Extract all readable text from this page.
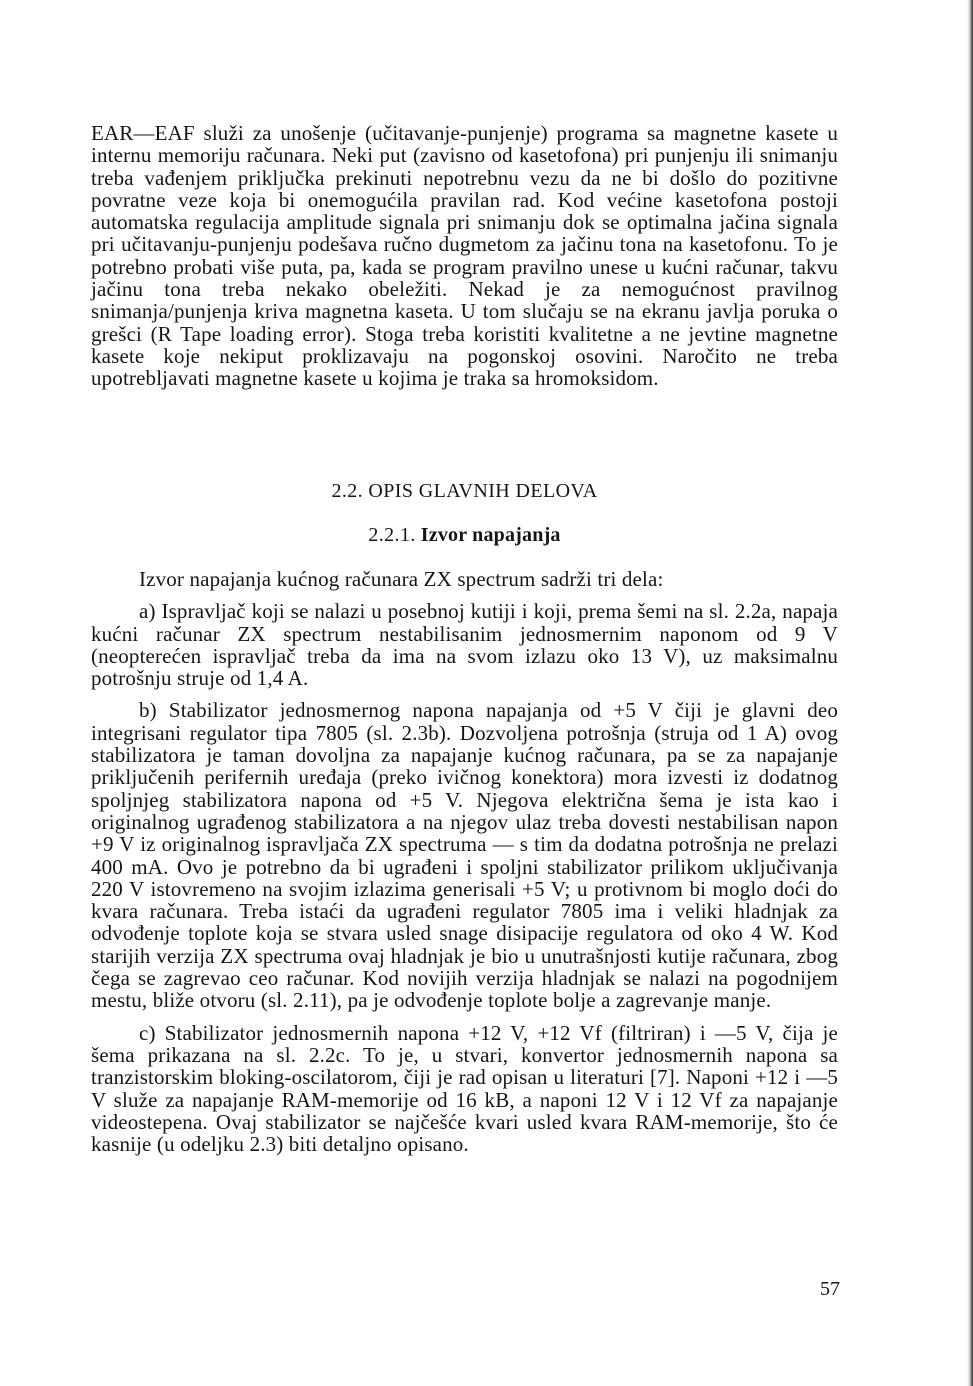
EAR—EAF služi za unošenje (učitavanje-punjenje) programa sa magnetne kasete u internu memoriju računara. Neki put (zavisno od kasetofona) pri punjenju ili snimanju treba vađenjem priključka prekinuti nepotrebnu vezu da ne bi došlo do pozitivne povratne veze koja bi onemogućila pravilan rad. Kod većine kasetofona postoji automatska regulacija amplitude signala pri snimanju dok se optimalna jačina signala pri učitavanju-punjenju podešava ručno dugmetom za jačinu tona na kasetofonu. To je potrebno probati više puta, pa, kada se program pravilno unese u kućni računar, takvu jačinu tona treba nekako obeležiti. Nekad je za nemogućnost pravilnog snimanja/punjenja kriva magnetna kaseta. U tom slučaju se na ekranu javlja poruka o grešci (R Tape loading error). Stoga treba koristiti kvalitetne a ne jevtine magnetne kasete koje nekiput proklizavaju na pogonskoj osovini. Naročito ne treba upotrebljavati magnetne kasete u kojima je traka sa hromoksidom.

2.2. OPIS GLAVNIH DELOVA
2.2.1. Izvor napajanja

Izvor napajanja kućnog računara ZX spectrum sadrži tri dela:

a) Ispravljač koji se nalazi u posebnoj kutiji i koji, prema šemi na sl. 2.2a, napaja kućni računar ZX spectrum nestabilisanim jednosmernim naponom od 9 V (neopterećen ispravljač treba da ima na svom izlazu oko 13 V), uz maksimalnu potrošnju struje od 1,4 A.

b) Stabilizator jednosmernog napona napajanja od +5 V čiji je glavni deo integrisani regulator tipa 7805 (sl. 2.3b). Dozvoljena potrošnja (struja od 1 A) ovog stabilizatora je taman dovoljna za napajanje kućnog računara, pa se za napajanje priključenih perifernih uređaja (preko ivičnog konektora) mora izvesti iz dodatnog spoljnjeg stabilizatora napona od +5 V. Njegova električna šema je ista kao i originalnog ugrađenog stabilizatora a na njegov ulaz treba dovesti nestabilisan napon +9 V iz originalnog ispravljača ZX spectruma — s tim da dodatna potrošnja ne prelazi 400 mA. Ovo je potrebno da bi ugrađeni i spoljni stabilizator prilikom uključivanja 220 V istovremeno na svojim izlazima generisali +5 V; u protivnom bi moglo doći do kvara računara. Treba istaći da ugrađeni regulator 7805 ima i veliki hladnjak za odvođenje toplote koja se stvara usled snage disipacije regulatora od oko 4 W. Kod starijih verzija ZX spectruma ovaj hladnjak je bio u unutrašnjosti kutije računara, zbog čega se zagrevao ceo računar. Kod novijih verzija hladnjak se nalazi na pogodnijem mestu, bliže otvoru (sl. 2.11), pa je odvođenje toplote bolje a zagrevanje manje.

c) Stabilizator jednosmernih napona +12 V, +12 Vf (filtriran) i —5 V, čija je šema prikazana na sl. 2.2c. To je, u stvari, konvertor jednosmernih napona sa tranzistorskim bloking-oscilatorom, čiji je rad opisan u literaturi [7]. Naponi +12 i —5 V služe za napajanje RAM-memorije od 16 kB, a naponi 12 V i 12 Vf za napajanje videostepena. Ovaj stabilizator se najčešće kvari usled kvara RAM-memorije, što će kasnije (u odeljku 2.3) biti detaljno opisano.

57
